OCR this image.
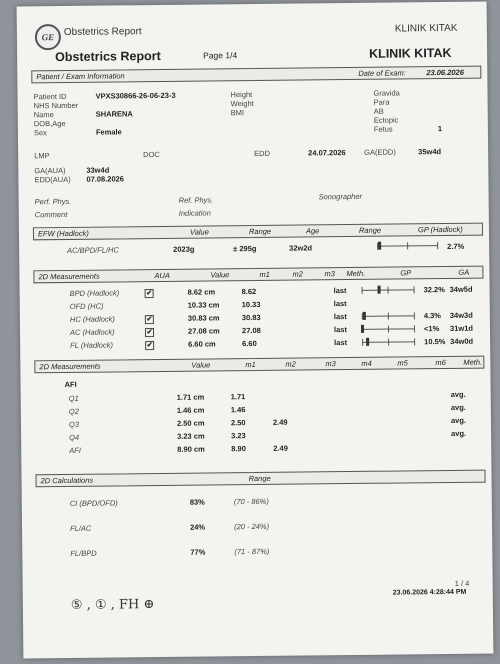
GE Obstetrics Report	KLINIK KITAK
Obstetrics Report	Page 1/4	KLINIK KITAK
Patient / Exam Information	Date of Exam:	23.06.2026
Patient ID	VPXS30866-26-06-23-3
NHS Number
Name	SHARENA
DOB,Age
Sex	Female
Height
Weight
BMI
Gravida
Para
AB
Ectopic
Fetus	1
LMP	DOC	EDD	24.07.2026 GA(EDD)	35w4d
GA(AUA)	33w4d
EDD(AUA) 07.08.2026
Perf. Phys.	Ref. Phys.	Sonographer
Comment	Indication
EFW (Hadlock)	Value	Range	Age	Range	GP (Hadlock)
AC/BPD/FL/HC	2023g	± 295g	32w2d	2.7%
2D Measurements	AUA	Value	m1	m2	m3 Meth.	GP	GA
2D Measurements	Value	m1	m2	m3	m4	m5	m6 Meth.
AFI
2D Calculations	Range
1 / 4
23.06.2026 4:28:44 PM
⑤ , ① , FH ⊕
BPD (Hadlock)	✔	8.62 cm	8.62	last	32.2% 34w5d
OFD (HC)	10.33 cm	10.33	last
HC (Hadlock)	✔	30.83 cm	30.83	last	4.3% 34w3d
AC (Hadlock)	✔	27.08 cm	27.08	last	<1% 31w1d
FL (Hadlock)	✔	6.60 cm	6.60	last	10.5% 34w0d
Q1	1.71 cm	1.71	avg.
Q2	1.46 cm	1.46	avg.
Q3	2.50 cm	2.50	2.49	avg.
Q4	3.23 cm	3.23	avg.
AFI	8.90 cm	8.90	2.49
CI (BPD/OFD)	83%	(70 - 86%)
FL/AC	24%	(20 - 24%)
FL/BPD	77%	(71 - 87%)
